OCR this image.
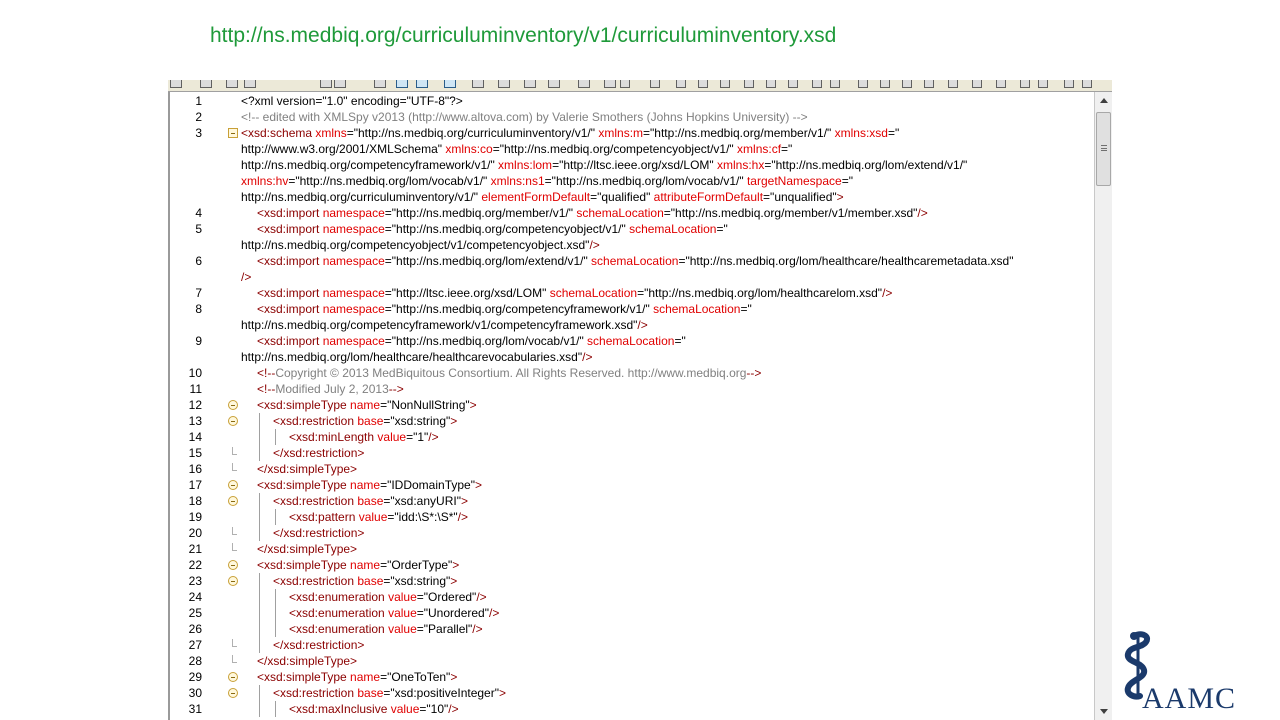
http://ns.medbiq.org/curriculuminventory/v1/curriculuminventory.xsd
1	<?xml version="1.0" encoding="UTF-8"?>
2	<!-- edited with XMLSpy v2013 (http://www.altova.com) by Valerie Smothers (Johns Hopkins University) -->
3	<xsd:schema xmlns="http://ns.medbiq.org/curriculuminventory/v1/" xmlns:m="http://ns.medbiq.org/member/v1/" xmlns:xsd="
http://www.w3.org/2001/XMLSchema" xmlns:co="http://ns.medbiq.org/competencyobject/v1/" xmlns:cf="
http://ns.medbiq.org/competencyframework/v1/" xmlns:lom="http://ltsc.ieee.org/xsd/LOM" xmlns:hx="http://ns.medbiq.org/lom/extend/v1/"
xmlns:hv="http://ns.medbiq.org/lom/vocab/v1/" xmlns:ns1="http://ns.medbiq.org/lom/vocab/v1/" targetNamespace="
http://ns.medbiq.org/curriculuminventory/v1/" elementFormDefault="qualified" attributeFormDefault="unqualified">
4	<xsd:import namespace="http://ns.medbiq.org/member/v1/" schemaLocation="http://ns.medbiq.org/member/v1/member.xsd"/>
5	<xsd:import namespace="http://ns.medbiq.org/competencyobject/v1/" schemaLocation="
http://ns.medbiq.org/competencyobject/v1/competencyobject.xsd"/>
6	<xsd:import namespace="http://ns.medbiq.org/lom/extend/v1/" schemaLocation="http://ns.medbiq.org/lom/healthcare/healthcaremetadata.xsd"
/>
7	<xsd:import namespace="http://ltsc.ieee.org/xsd/LOM" schemaLocation="http://ns.medbiq.org/lom/healthcarelom.xsd"/>
8	<xsd:import namespace="http://ns.medbiq.org/competencyframework/v1/" schemaLocation="
http://ns.medbiq.org/competencyframework/v1/competencyframework.xsd"/>
9	<xsd:import namespace="http://ns.medbiq.org/lom/vocab/v1/" schemaLocation="
http://ns.medbiq.org/lom/healthcare/healthcarevocabularies.xsd"/>
10	<!--Copyright © 2013 MedBiquitous Consortium. All Rights Reserved. http://www.medbiq.org-->
11	<!--Modified July 2, 2013-->
12	<xsd:simpleType name="NonNullString">
13	<xsd:restriction base="xsd:string">
14	<xsd:minLength value="1"/>
15	</xsd:restriction>
16	</xsd:simpleType>
17	<xsd:simpleType name="IDDomainType">
18	<xsd:restriction base="xsd:anyURI">
19	<xsd:pattern value="idd:\S*:\S*"/>
20	</xsd:restriction>
21	</xsd:simpleType>
22	<xsd:simpleType name="OrderType">
23	<xsd:restriction base="xsd:string">
24	<xsd:enumeration value="Ordered"/>
25	<xsd:enumeration value="Unordered"/>
26	<xsd:enumeration value="Parallel"/>
27	</xsd:restriction>
28	</xsd:simpleType>
29	<xsd:simpleType name="OneToTen">
30	<xsd:restriction base="xsd:positiveInteger">
31	<xsd:maxInclusive value="10"/>	AAMC
